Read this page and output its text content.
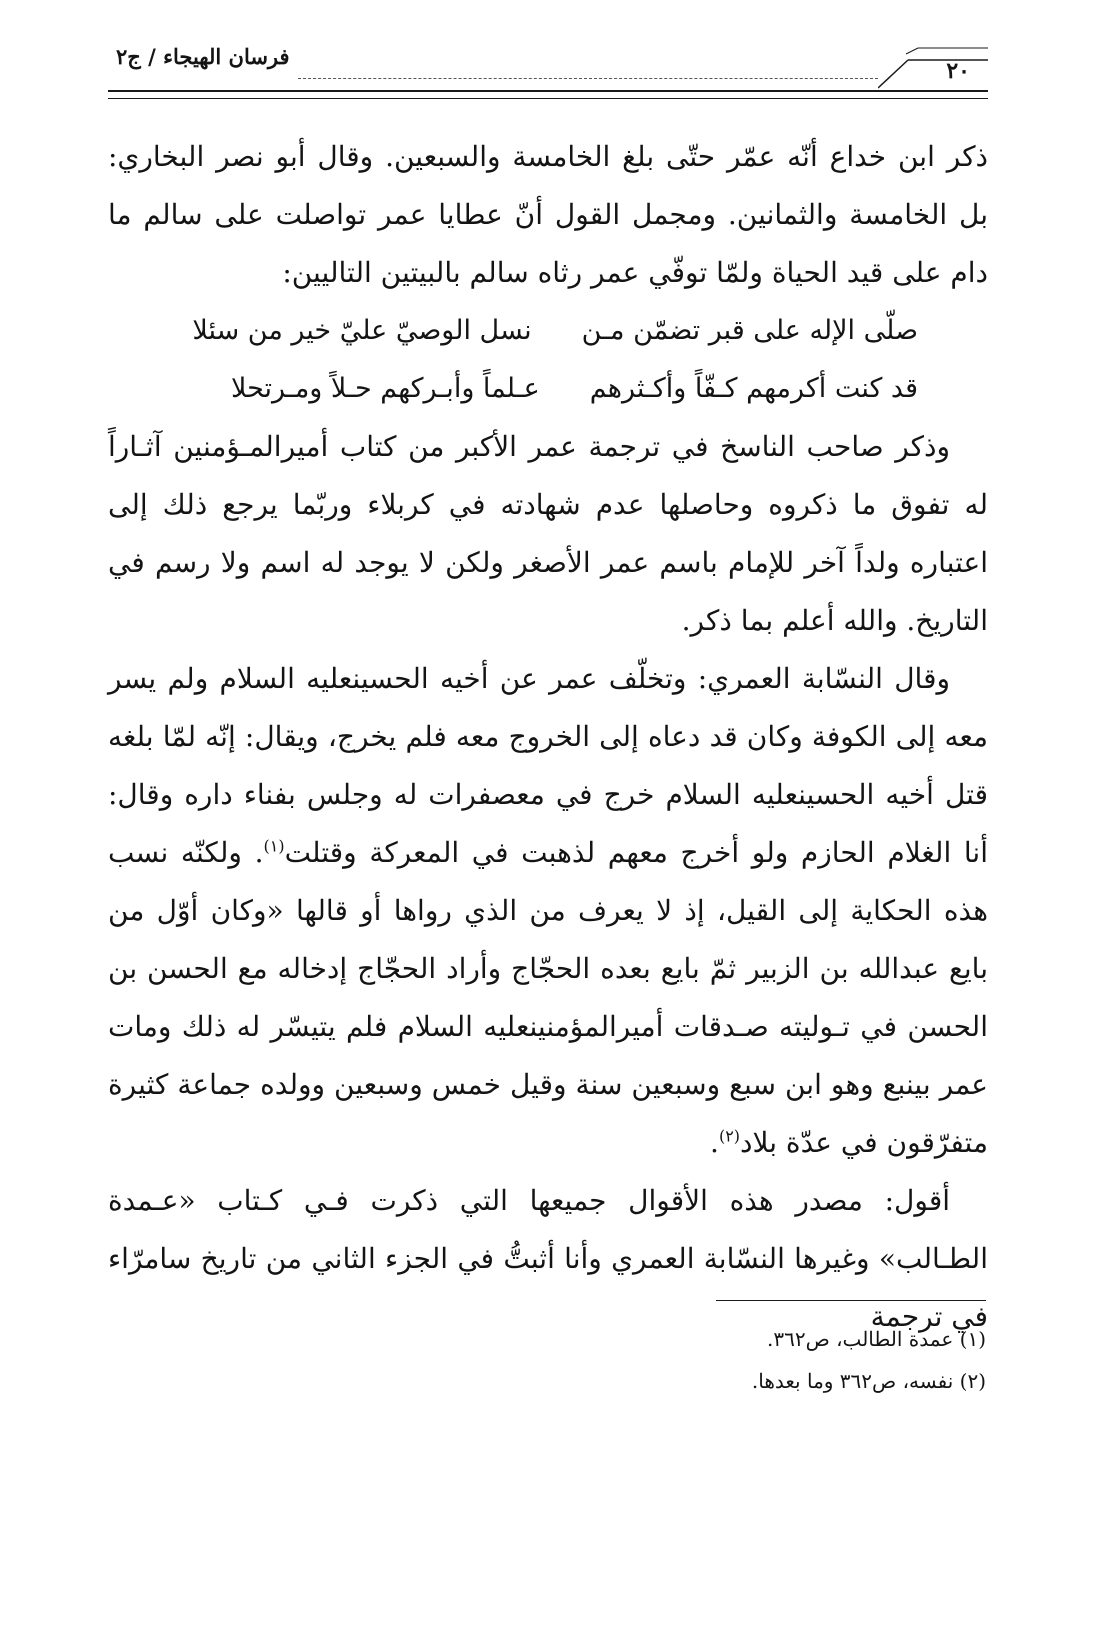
فرسان الهيجاء / ج٢
٢٠

ذكر ابن خداع أنّه عمّر حتّى بلغ الخامسة والسبعين. وقال أبو نصر البخاري: بل الخامسة والثمانين. ومجمل القول أنّ عطايا عمر تواصلت على سالم ما دام على قيد الحياة ولمّا توفّي عمر رثاه سالم بالبيتين التاليين:

صلّى الإله على قبر تضمّن مـن
نسل الوصيّ عليّ خير من سئلا
قد كنت أكرمهم كـفّاً وأكـثرهم
عـلماً وأبـركهم حـلاً ومـرتحلا

وذكر صاحب الناسخ في ترجمة عمر الأكبر من كتاب أميرالمـؤمنين آثـاراً له تفوق ما ذكروه وحاصلها عدم شهادته في كربلاء وربّما يرجع ذلك إلى اعتباره ولداً آخر للإمام باسم عمر الأصغر ولكن لا يوجد له اسم ولا رسم في التاريخ. والله أعلم بما ذكر.

وقال النسّابة العمري: وتخلّف عمر عن أخيه الحسينعليه السلام ولم يسر معه إلى الكوفة وكان قد دعاه إلى الخروج معه فلم يخرج، ويقال: إنّه لمّا بلغه قتل أخيه الحسينعليه السلام خرج في معصفرات له وجلس بفناء داره وقال: أنا الغلام الحازم ولو أخرج معهم لذهبت في المعركة وقتلت$^{(١)}$. ولكنّه نسب هذه الحكاية إلى القيل، إذ لا يعرف من الذي رواها أو قالها «وكان أوّل من بايع عبدالله بن الزبير ثمّ بايع بعده الحجّاج وأراد الحجّاج إدخاله مع الحسن بن الحسن في تـوليته صـدقات أميرالمؤمنينعليه السلام فلم يتيسّر له ذلك ومات عمر بينبع وهو ابن سبع وسبعين سنة وقيل خمس وسبعين وولده جماعة كثيرة متفرّقون في عدّة بلاد$^{(٢)}$.

أقول: مصدر هذه الأقوال جميعها التي ذكرت فـي كـتاب «عـمدة الطـالب» وغيرها النسّابة العمري وأنا أثبتُّ في الجزء الثاني من تاريخ سامرّاء في ترجمة

(١) عمدة الطالب، ص٣٦٢.

(٢) نفسه، ص٣٦٢ وما بعدها.
